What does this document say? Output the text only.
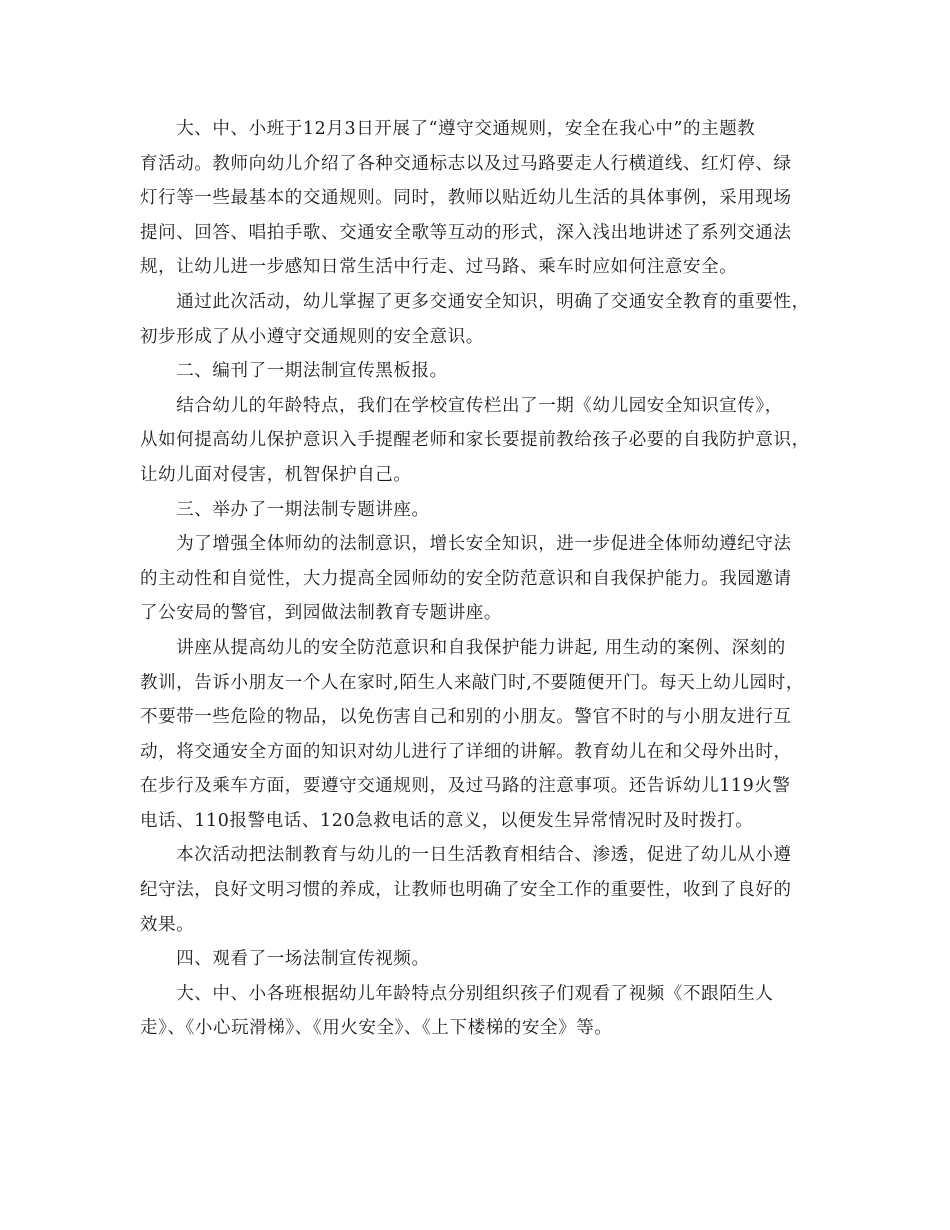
　　大、中、小班于12月3日开展了“遵守交通规则，安全在我心中”的主题教
育活动。教师向幼儿介绍了各种交通标志以及过马路要走人行横道线、红灯停、绿
灯行等一些最基本的交通规则。同时，教师以贴近幼儿生活的具体事例，采用现场
提问、回答、唱拍手歌、交通安全歌等互动的形式，深入浅出地讲述了系列交通法
规，让幼儿进一步感知日常生活中行走、过马路、乘车时应如何注意安全。

　　通过此次活动，幼儿掌握了更多交通安全知识，明确了交通安全教育的重要性，
初步形成了从小遵守交通规则的安全意识。

　　二、编刊了一期法制宣传黑板报。

　　结合幼儿的年龄特点，我们在学校宣传栏出了一期《幼儿园安全知识宣传》，
从如何提高幼儿保护意识入手提醒老师和家长要提前教给孩子必要的自我防护意识，
让幼儿面对侵害，机智保护自己。

　　三、举办了一期法制专题讲座。

　　为了增强全体师幼的法制意识，增长安全知识，进一步促进全体师幼遵纪守法
的主动性和自觉性，大力提高全园师幼的安全防范意识和自我保护能力。我园邀请
了公安局的警官，到园做法制教育专题讲座。

　　讲座从提高幼儿的安全防范意识和自我保护能力讲起, 用生动的案例、深刻的
教训，告诉小朋友一个人在家时,陌生人来敲门时,不要随便开门。每天上幼儿园时，
不要带一些危险的物品，以免伤害自己和别的小朋友。警官不时的与小朋友进行互
动，将交通安全方面的知识对幼儿进行了详细的讲解。教育幼儿在和父母外出时，
在步行及乘车方面，要遵守交通规则，及过马路的注意事项。还告诉幼儿119火警
电话、110报警电话、120急救电话的意义，以便发生异常情况时及时拨打。

　　本次活动把法制教育与幼儿的一日生活教育相结合、渗透，促进了幼儿从小遵
纪守法，良好文明习惯的养成，让教师也明确了安全工作的重要性，收到了良好的
效果。

　　四、观看了一场法制宣传视频。

　　大、中、小各班根据幼儿年龄特点分别组织孩子们观看了视频《不跟陌生人
走》、《小心玩滑梯》、《用火安全》、《上下楼梯的安全》等。
